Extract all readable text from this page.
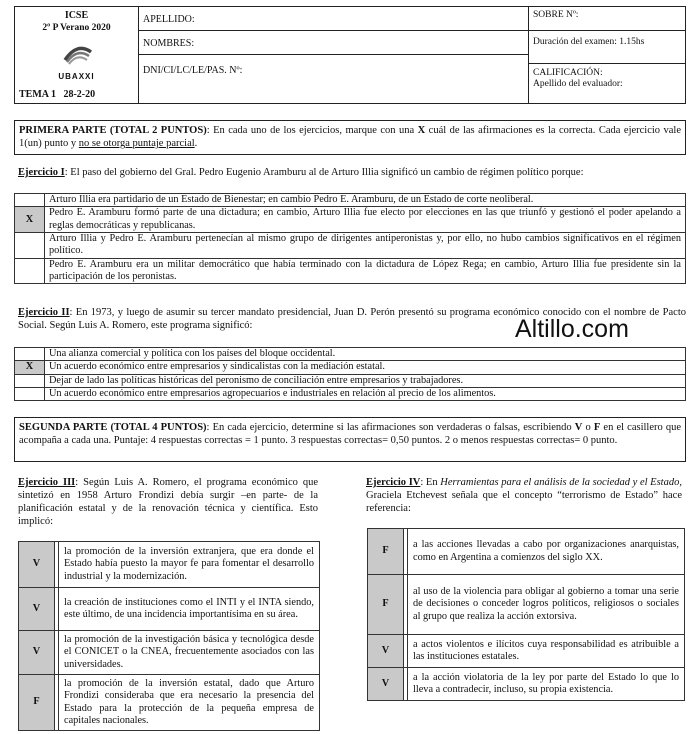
ICSE
2º P Verano 2020
UBAXXI
TEMA 1 28-2-20
APELLIDO:
NOMBRES:
DNI/CI/LC/LE/PAS. Nº:
SOBRE Nº:
Duración del examen: 1.15hs
CALIFICACIÓN:
Apellido del evaluador:
PRIMERA PARTE (TOTAL 2 PUNTOS): En cada uno de los ejercicios, marque con una X cuál de las afirmaciones es la correcta. Cada ejercicio vale 1(un) punto y no se otorga puntaje parcial.
Ejercicio I: El paso del gobierno del Gral. Pedro Eugenio Aramburu al de Arturo Illia significó un cambio de régimen político porque:
	Arturo Illia era partidario de un Estado de Bienestar; en cambio Pedro E. Aramburu, de un Estado de corte neoliberal.
X	Pedro E. Aramburu formó parte de una dictadura; en cambio, Arturo Illia fue electo por elecciones en las que triunfó y gestionó el poder apelando a reglas democráticas y republicanas.
	Arturo Illia y Pedro E. Aramburu pertenecían al mismo grupo de dirigentes antiperonistas y, por ello, no hubo cambios significativos en el régimen político.
	Pedro E. Aramburu era un militar democrático que había terminado con la dictadura de López Rega; en cambio, Arturo Illia fue presidente sin la participación de los peronistas.
Ejercicio II: En 1973, y luego de asumir su tercer mandato presidencial, Juan D. Perón presentó su programa económico conocido con el nombre de Pacto Social. Según Luis A. Romero, este programa significó:	Altillo.com
	Una alianza comercial y política con los países del bloque occidental.
X	Un acuerdo económico entre empresarios y sindicalistas con la mediación estatal.
	Dejar de lado las políticas históricas del peronismo de conciliación entre empresarios y trabajadores.
	Un acuerdo económico entre empresarios agropecuarios e industriales en relación al precio de los alimentos.
SEGUNDA PARTE (TOTAL 4 PUNTOS): En cada ejercicio, determine si las afirmaciones son verdaderas o falsas, escribiendo V o F en el casillero que acompaña a cada una. Puntaje: 4 respuestas correctas = 1 punto. 3 respuestas correctas= 0,50 puntos. 2 o menos respuestas correctas= 0 punto.
Ejercicio III: Según Luis A. Romero, el programa económico que sintetizó en 1958 Arturo Frondizi debía surgir –en parte- de la planificación estatal y de la renovación técnica y científica. Esto implicó:
Ejercicio IV: En Herramientas para el análisis de la sociedad y el Estado, Graciela Etchevest señala que el concepto “terrorismo de Estado” hace referencia:
V		la promoción de la inversión extranjera, que era donde el Estado había puesto la mayor fe para fomentar el desarrollo industrial y la modernización.
V		la creación de instituciones como el INTI y el INTA siendo, este último, de una incidencia importantísima en su área.
V		la promoción de la investigación básica y tecnológica desde el CONICET o la CNEA, frecuentemente asociados con las universidades.
F		la promoción de la inversión estatal, dado que Arturo Frondizi consideraba que era necesario la presencia del Estado para la protección de la pequeña empresa de capitales nacionales.
F		a las acciones llevadas a cabo por organizaciones anarquistas, como en Argentina a comienzos del siglo XX.
F		al uso de la violencia para obligar al gobierno a tomar una serie de decisiones o conceder logros políticos, religiosos o sociales al grupo que realiza la acción extorsiva.
V		a actos violentos e ilícitos cuya responsabilidad es atribuible a las instituciones estatales.
V		a la acción violatoria de la ley por parte del Estado lo que lo lleva a contradecir, incluso, su propia existencia.
